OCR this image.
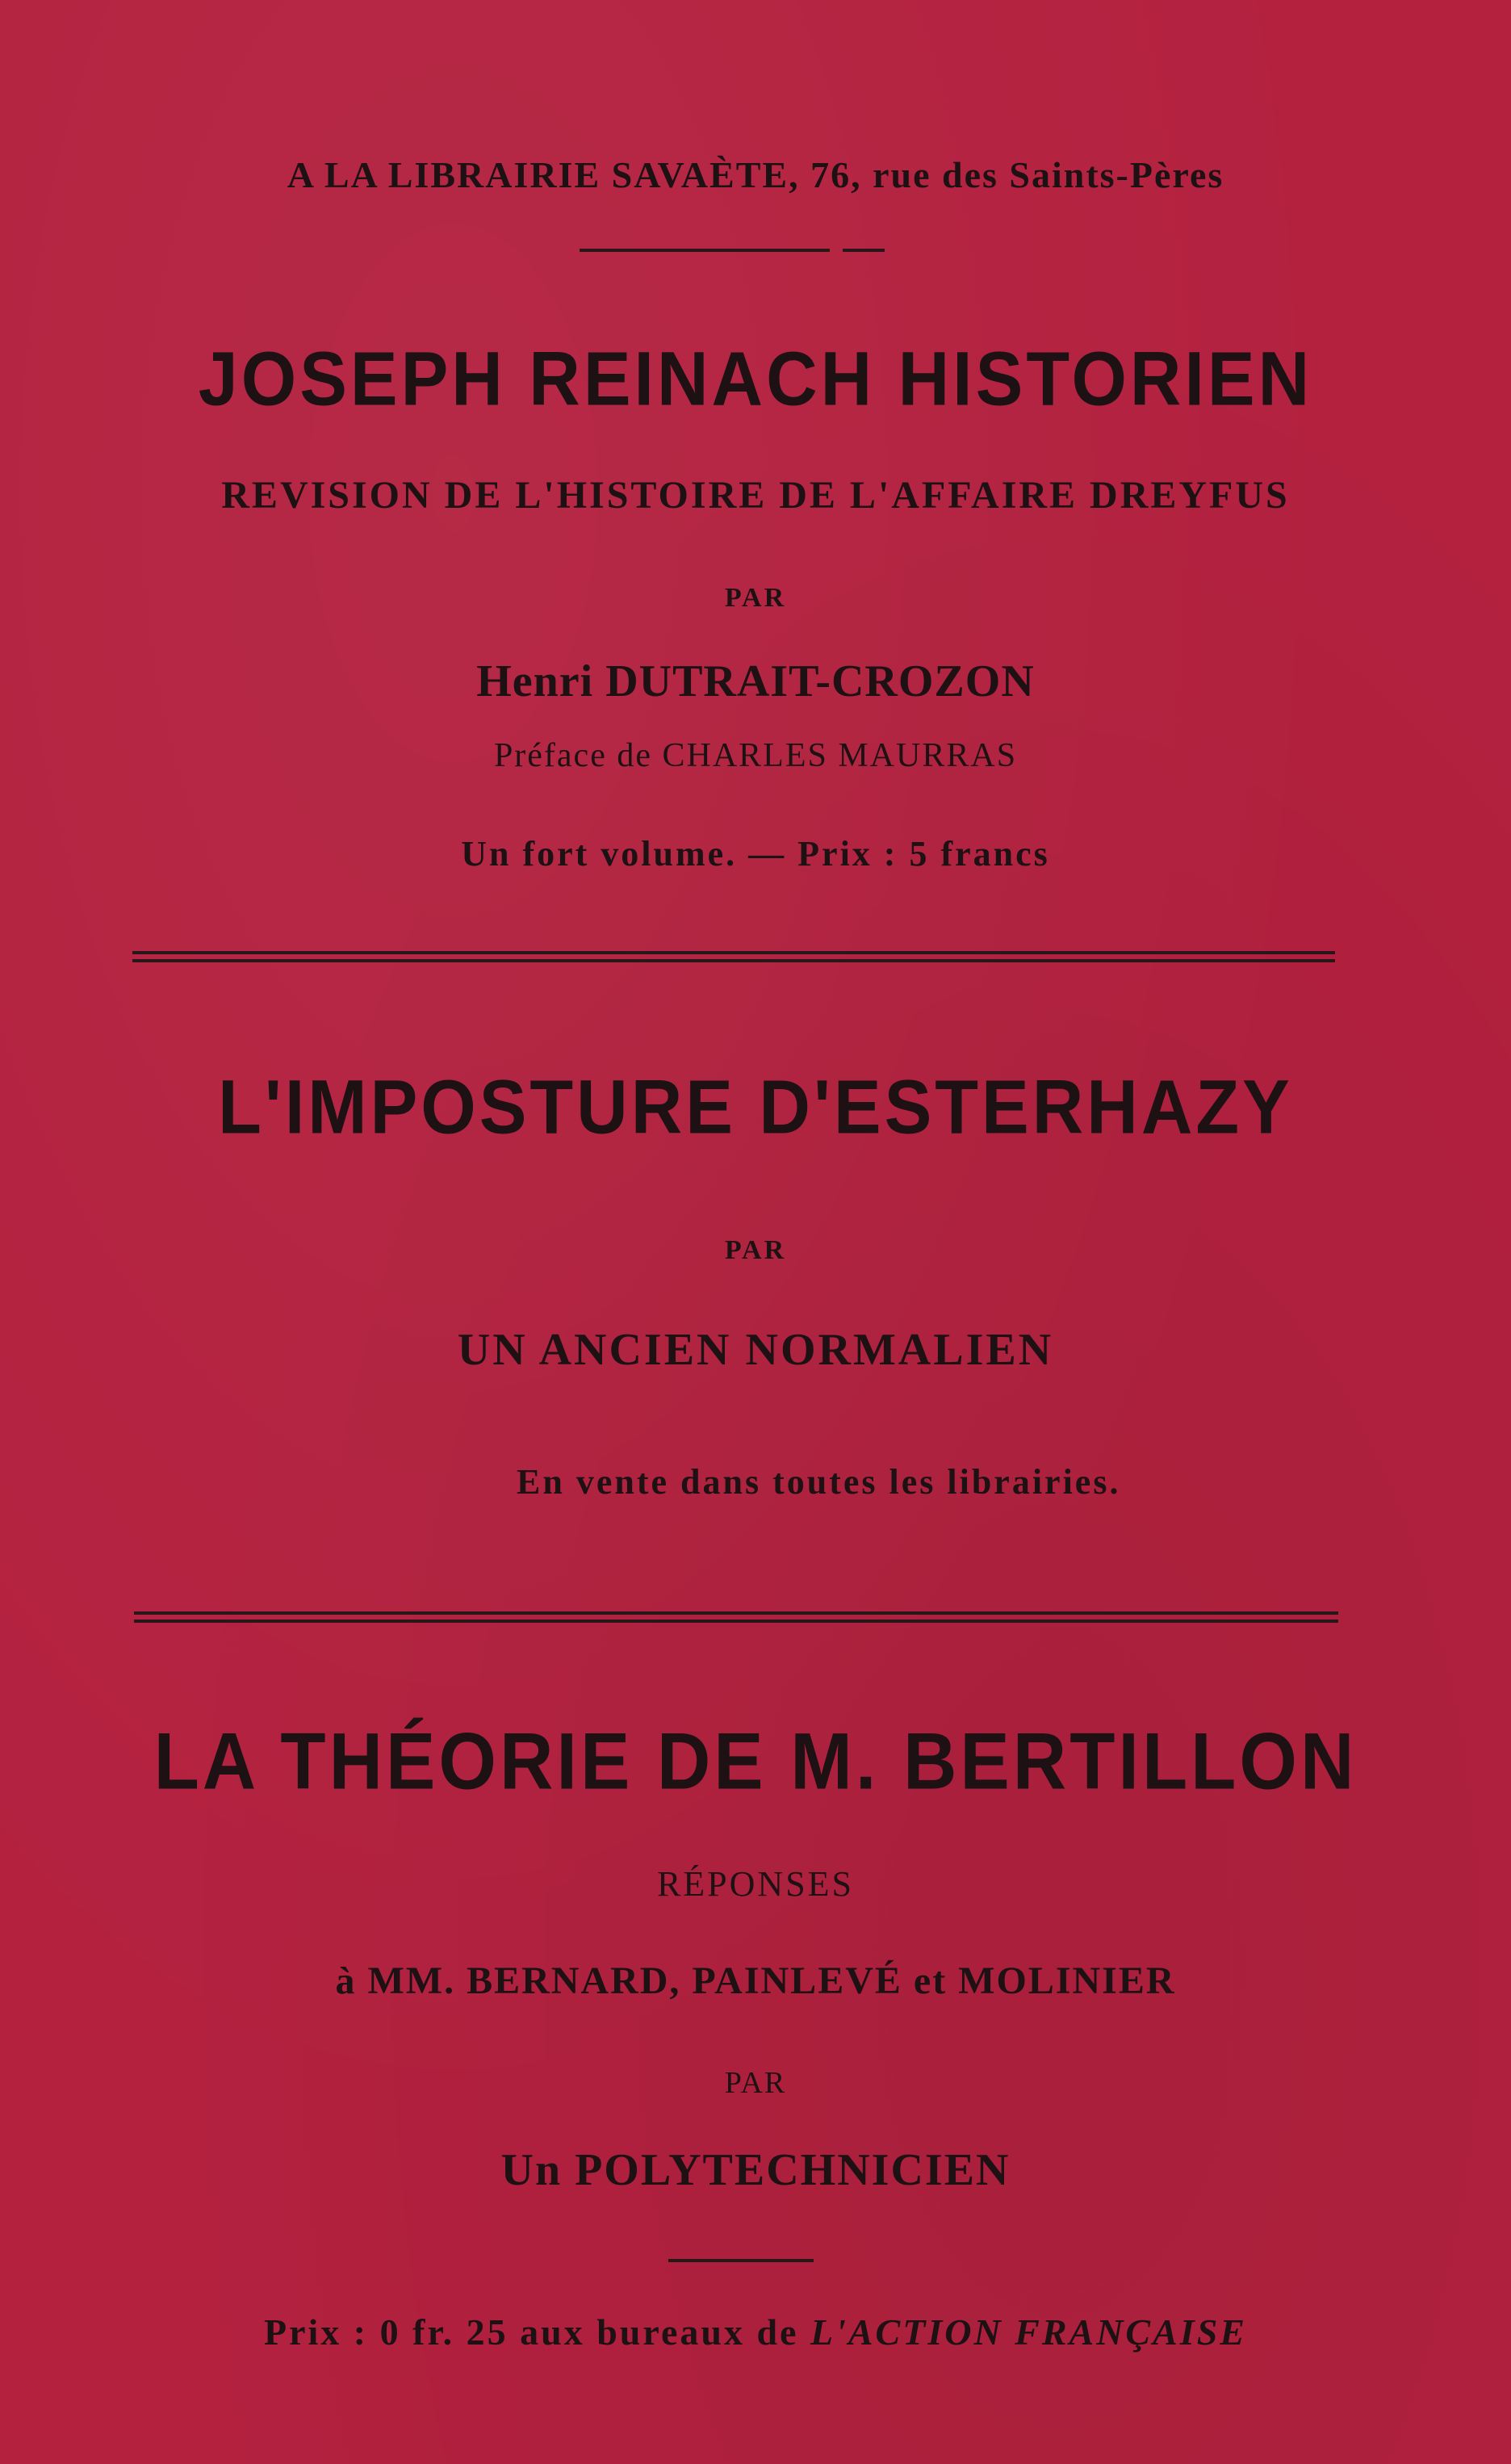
A LA LIBRAIRIE SAVAÈTE, 76, rue des Saints-Pères
JOSEPH REINACH HISTORIEN
REVISION DE L'HISTOIRE DE L'AFFAIRE DREYFUS
PAR
Henri DUTRAIT-CROZON
Préface de CHARLES MAURRAS
Un fort volume. — Prix : 5 francs
L'IMPOSTURE D'ESTERHAZY
PAR
UN ANCIEN NORMALIEN
En vente dans toutes les librairies.
LA THÉORIE DE M. BERTILLON
RÉPONSES
à MM. BERNARD, PAINLEVÉ et MOLINIER
PAR
Un POLYTECHNICIEN
Prix : 0 fr. 25 aux bureaux de L'ACTION FRANÇAISE
